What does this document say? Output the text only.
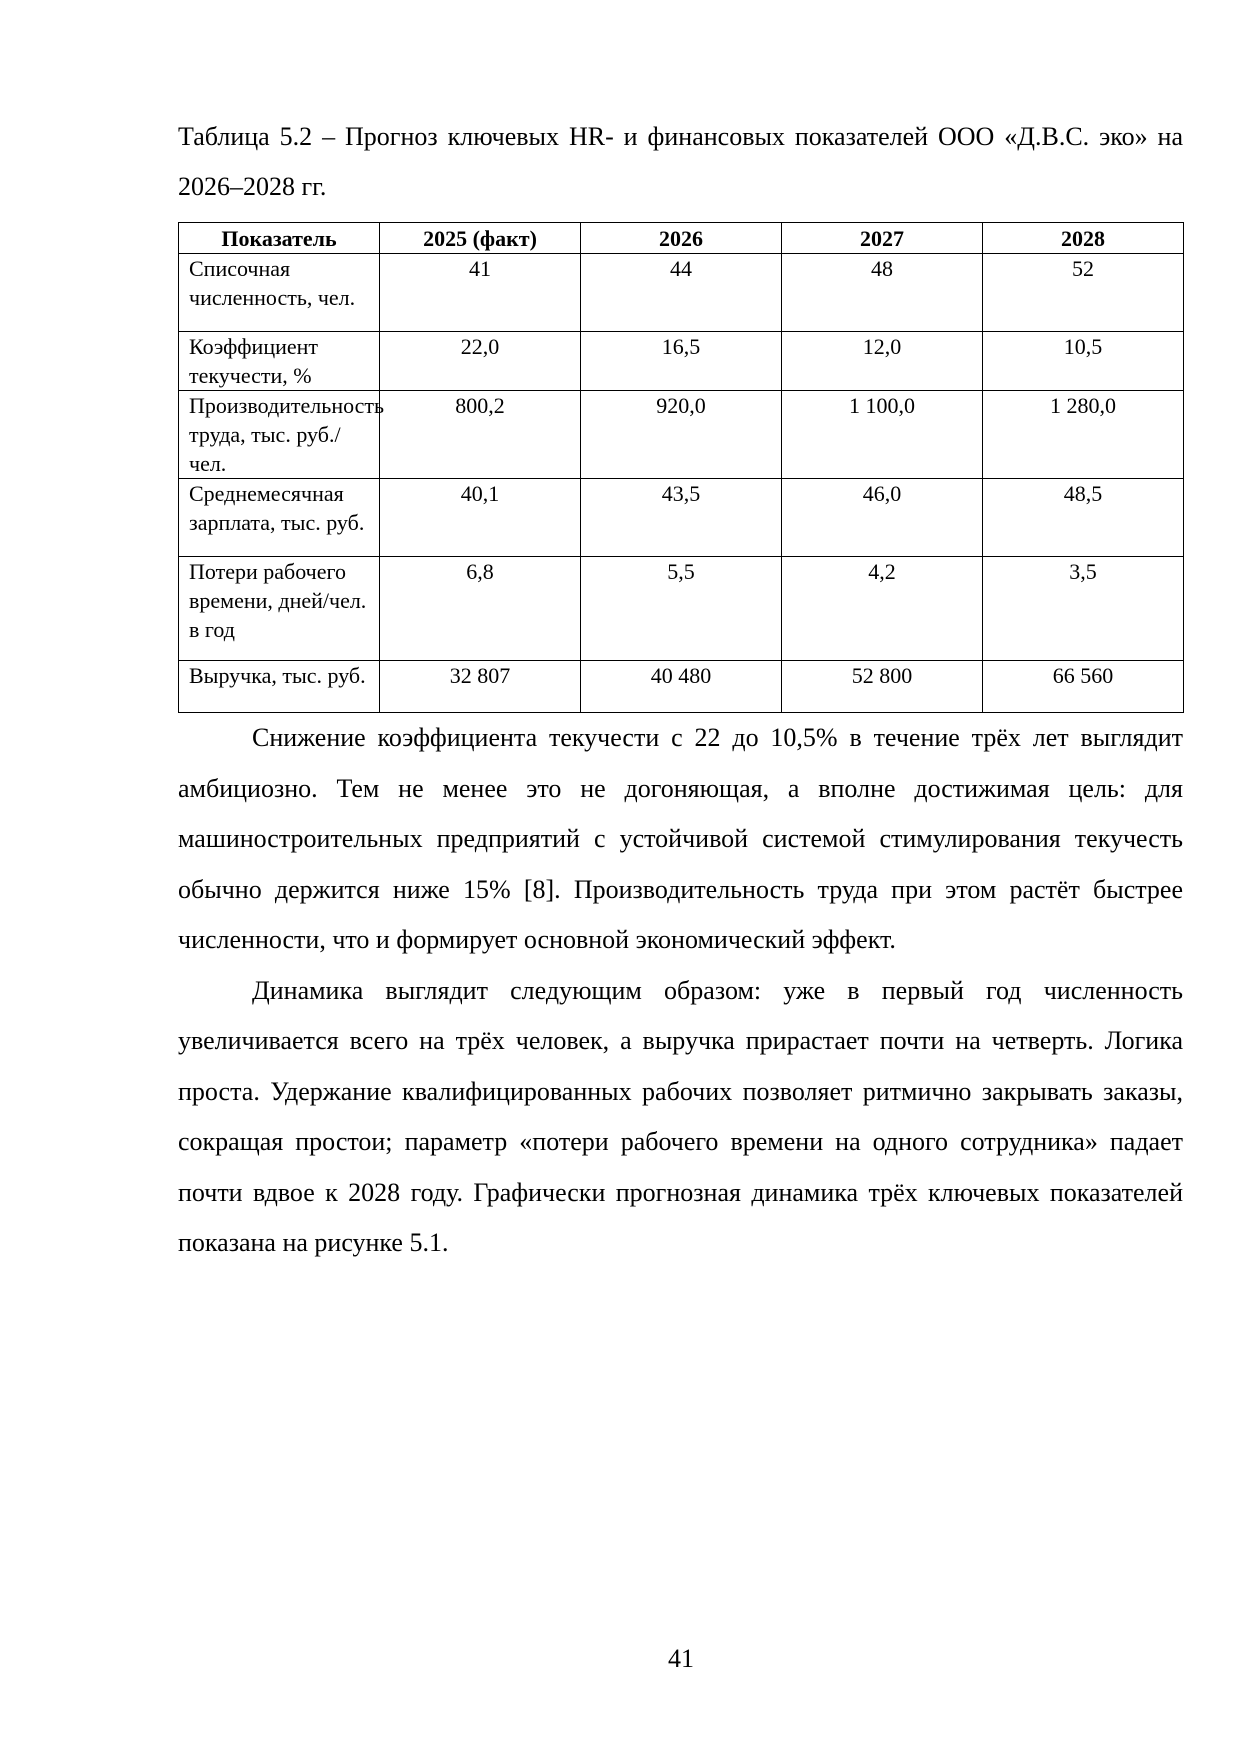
Таблица 5.2 – Прогноз ключевых HR- и финансовых показателей ООО «Д.В.С. эко» на 2026–2028 гг.

Показатель	2025 (факт)	2026	2027	2028
Списочная численность, чел.	41	44	48	52
Коэффициент текучести, %	22,0	16,5	12,0	10,5
Производительность труда, тыс. руб./чел.	800,2	920,0	1 100,0	1 280,0
Среднемесячная зарплата, тыс. руб.	40,1	43,5	46,0	48,5
Потери рабочего времени, дней/чел. в год	6,8	5,5	4,2	3,5
Выручка, тыс. руб.	32 807	40 480	52 800	66 560

Снижение коэффициента текучести с 22 до 10,5% в течение трёх лет выглядит амбициозно. Тем не менее это не догоняющая, а вполне достижимая цель: для машиностроительных предприятий с устойчивой системой стимулирования текучесть обычно держится ниже 15% [8]. Производительность труда при этом растёт быстрее численности, что и формирует основной экономический эффект.

Динамика выглядит следующим образом: уже в первый год численность увеличивается всего на трёх человек, а выручка прирастает почти на четверть. Логика проста. Удержание квалифицированных рабочих позволяет ритмично закрывать заказы, сокращая простои; параметр «потери рабочего времени на одного сотрудника» падает почти вдвое к 2028 году. Графически прогнозная динамика трёх ключевых показателей показана на рисунке 5.1.

41
